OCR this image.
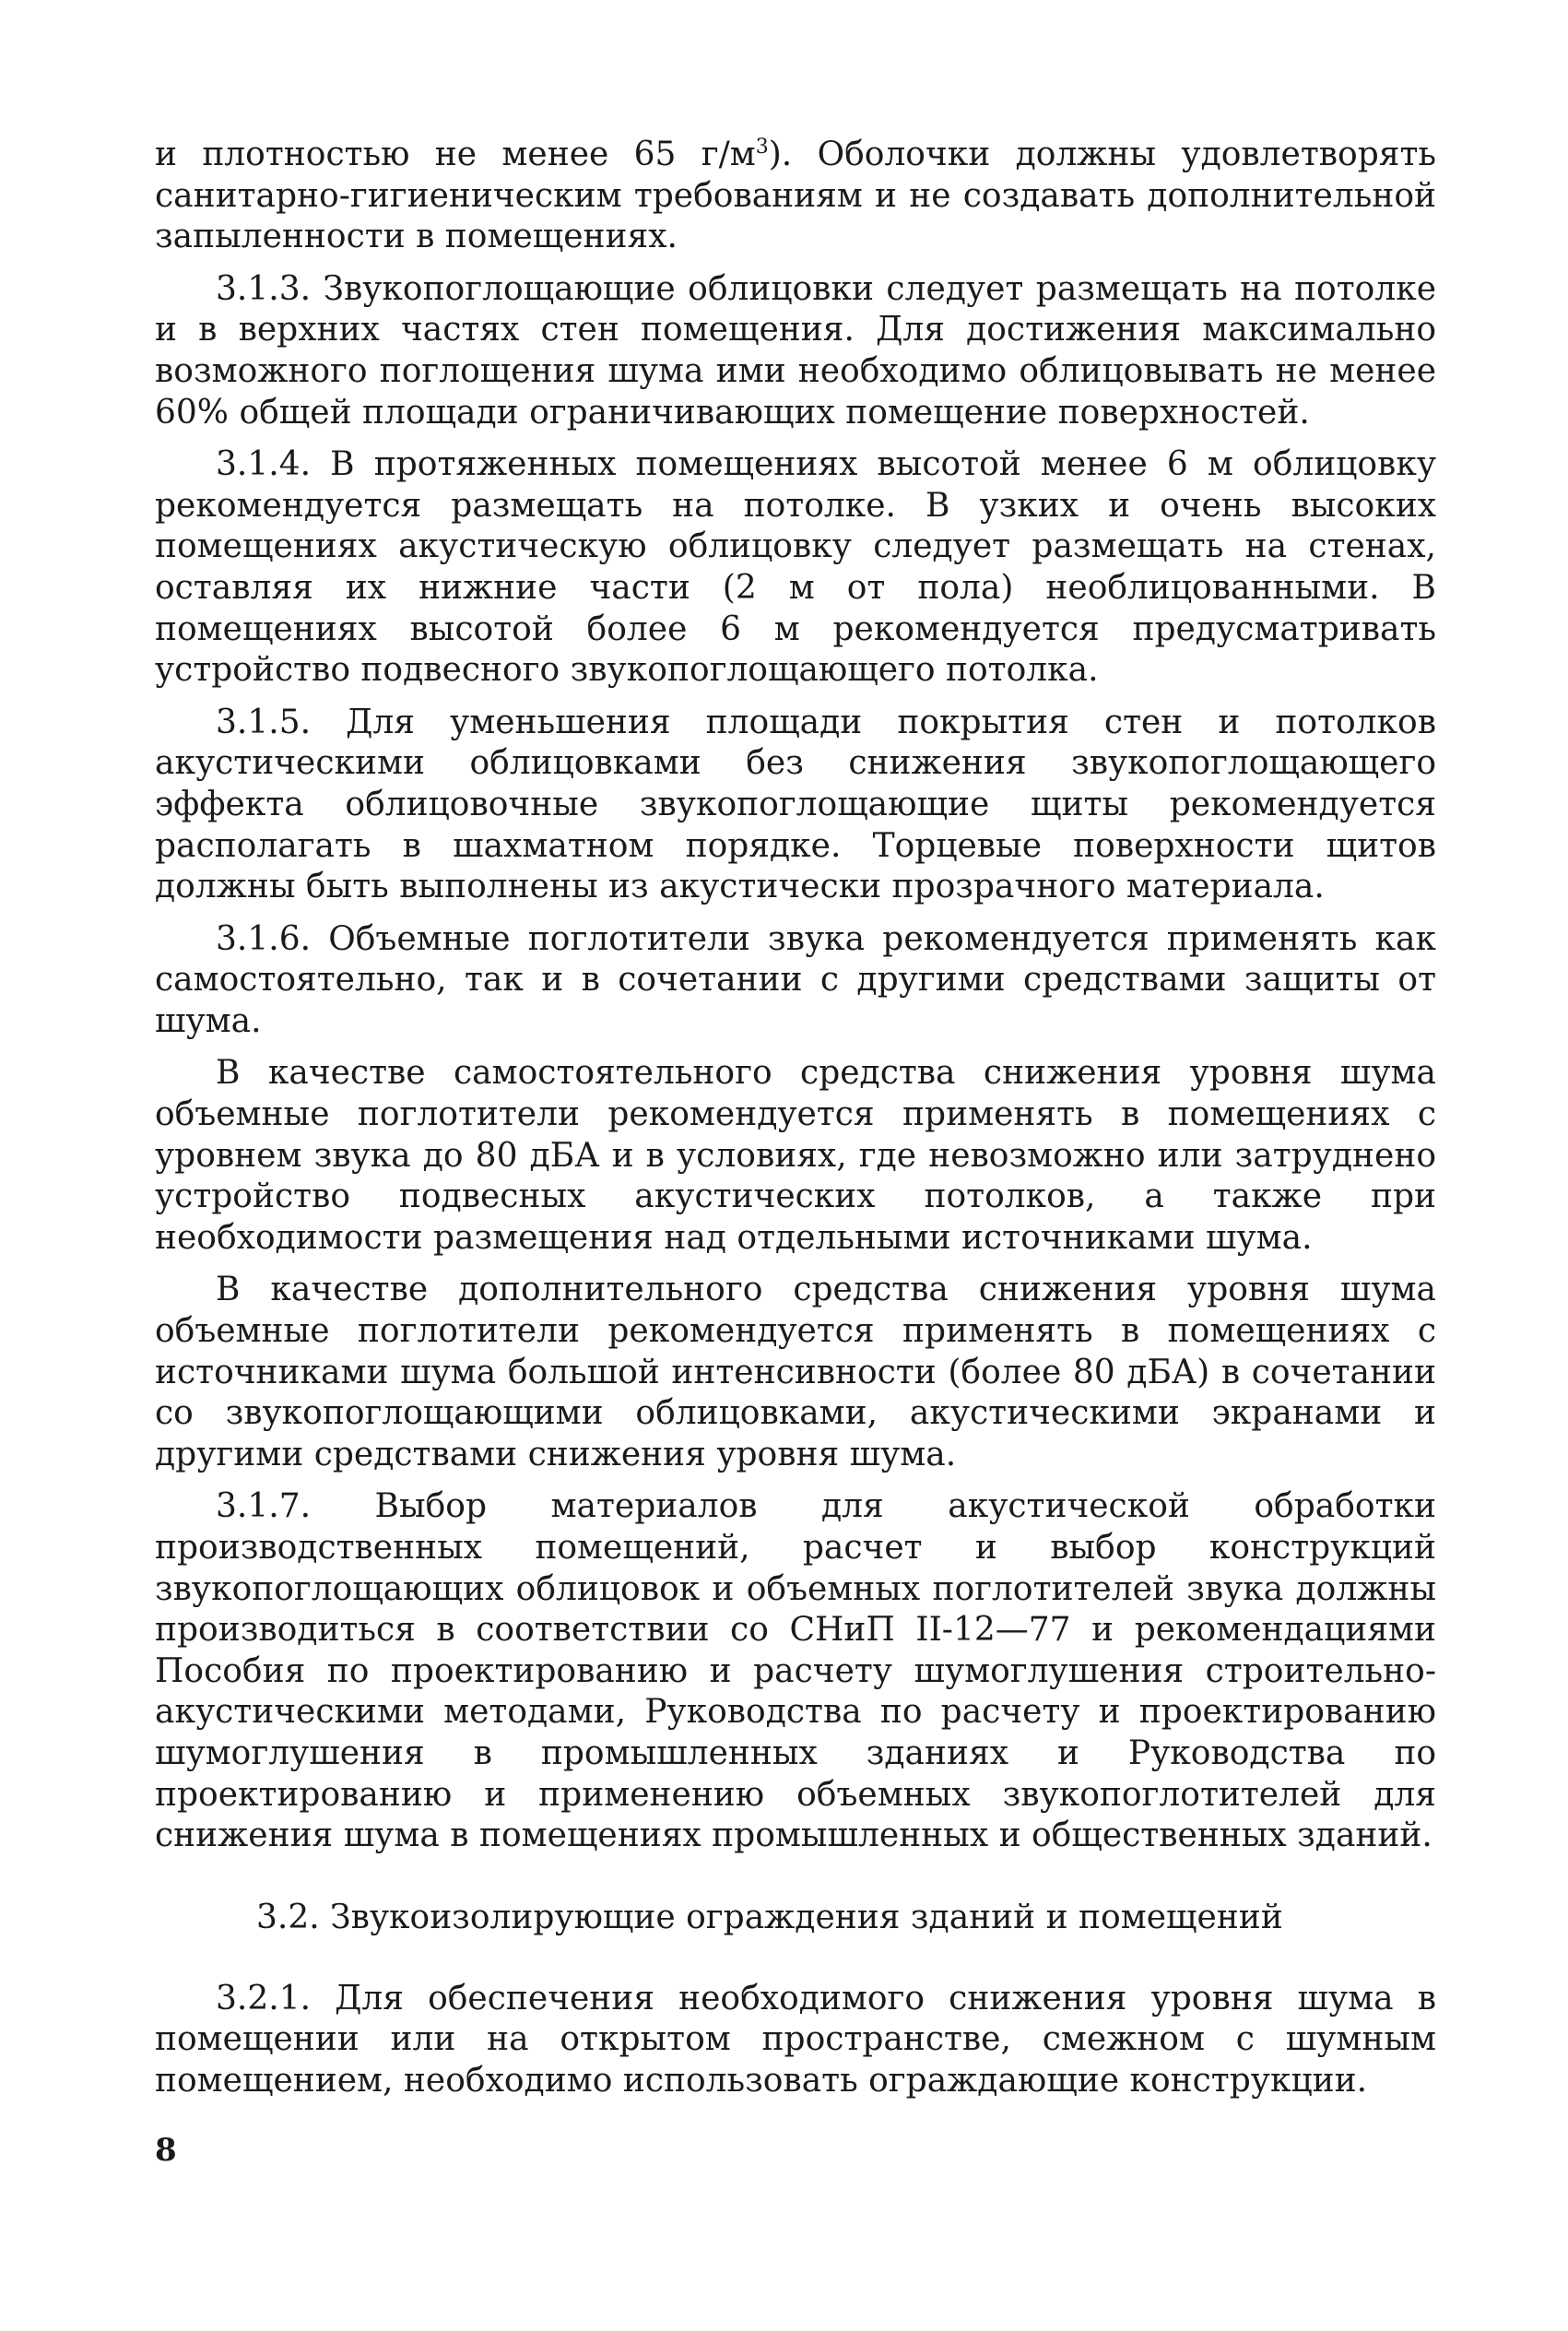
и плотностью не менее 65 $г/м^3$). Оболочки должны удовлетворять санитарно-гигиеническим требованиям и не создавать дополнительной запыленности в помещениях.

3.1.3. Звукопоглощающие облицовки следует размещать на потолке и в верхних частях стен помещения. Для достижения максимально возможного поглощения шума ими необходимо облицовывать не менее 60% общей площади ограничивающих помещение поверхностей.

3.1.4. В протяженных помещениях высотой менее 6 м облицовку рекомендуется размещать на потолке. В узких и очень высоких помещениях акустическую облицовку следует размещать на стенах, оставляя их нижние части (2 м от пола) необлицованными. В помещениях высотой более 6 м рекомендуется предусматривать устройство подвесного звукопоглощающего потолка.

3.1.5. Для уменьшения площади покрытия стен и потолков акустическими облицовками без снижения звукопоглощающего эффекта облицовочные звукопоглощающие щиты рекомендуется располагать в шахматном порядке. Торцевые поверхности щитов должны быть выполнены из акустически прозрачного материала.

3.1.6. Объемные поглотители звука рекомендуется применять как самостоятельно, так и в сочетании с другими средствами защиты от шума.

В качестве самостоятельного средства снижения уровня шума объемные поглотители рекомендуется применять в помещениях с уровнем звука до 80 дБА и в условиях, где невозможно или затруднено устройство подвесных акустических потолков, а также при необходимости размещения над отдельными источниками шума.

В качестве дополнительного средства снижения уровня шума объемные поглотители рекомендуется применять в помещениях с источниками шума большой интенсивности (более 80 дБА) в сочетании со звукопоглощающими облицовками, акустическими экранами и другими средствами снижения уровня шума.

3.1.7. Выбор материалов для акустической обработки производственных помещений, расчет и выбор конструкций звукопоглощающих облицовок и объемных поглотителей звука должны производиться в соответствии со СНиП II-12—77 и рекомендациями Пособия по проектированию и расчету шумоглушения строительно-акустическими методами, Руководства по расчету и проектированию шумоглушения в промышленных зданиях и Руководства по проектированию и применению объемных звукопоглотителей для снижения шума в помещениях промышленных и общественных зданий.

3.2. Звукоизолирующие ограждения зданий и помещений

3.2.1. Для обеспечения необходимого снижения уровня шума в помещении или на открытом пространстве, смежном с шумным помещением, необходимо использовать ограждающие конструкции.

8
